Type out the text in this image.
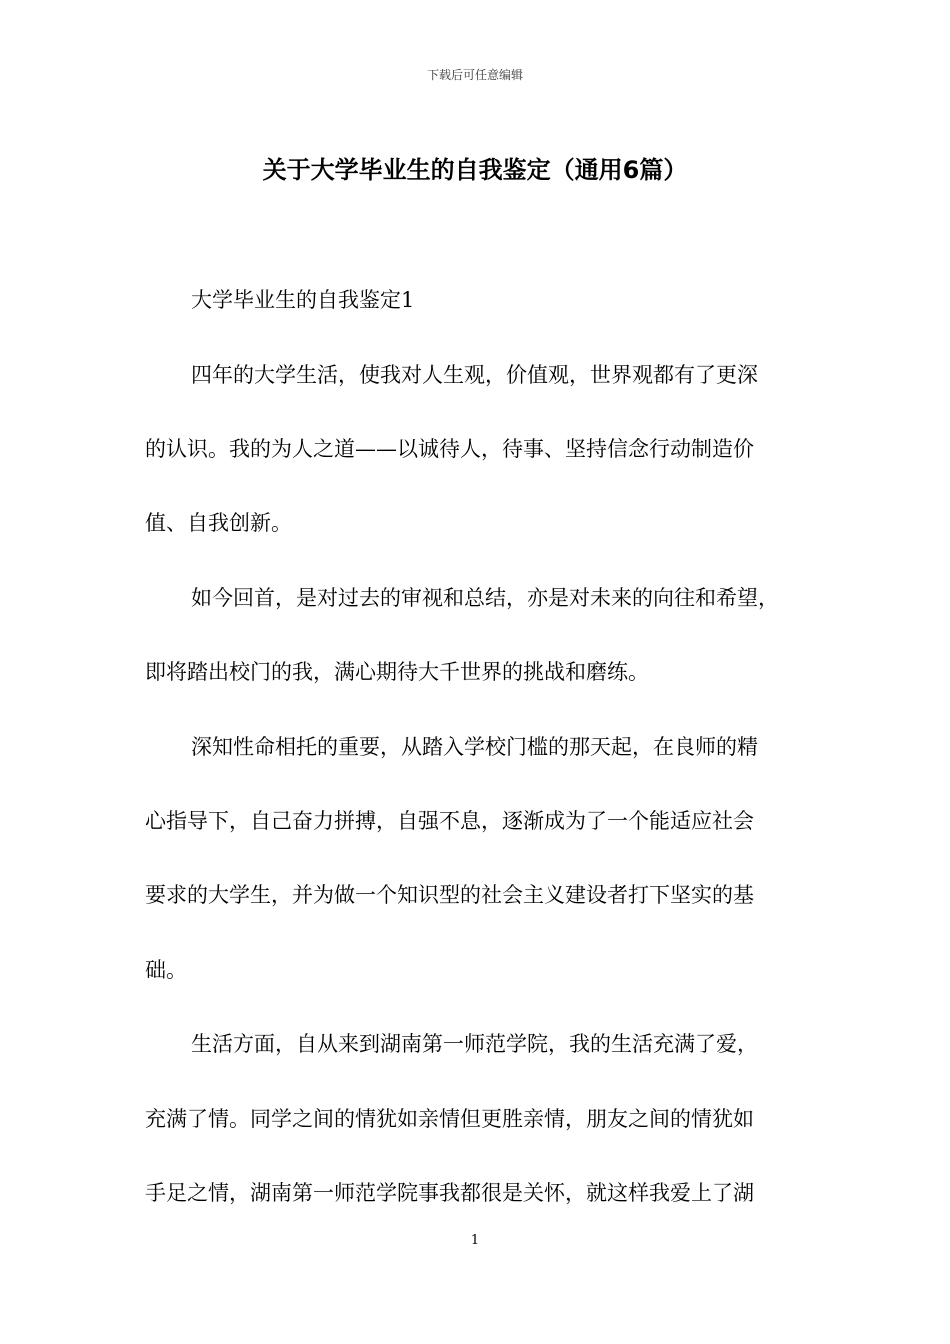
下载后可任意编辑
关于大学毕业生的自我鉴定（通用6篇）
大学毕业生的自我鉴定1
四年的大学生活，使我对人生观，价值观，世界观都有了更深
的认识。我的为人之道——以诚待人，待事、坚持信念行动制造价
值、自我创新。
如今回首，是对过去的审视和总结，亦是对未来的向往和希望，
即将踏出校门的我，满心期待大千世界的挑战和磨练。
深知性命相托的重要，从踏入学校门槛的那天起，在良师的精
心指导下，自己奋力拼搏，自强不息，逐渐成为了一个能适应社会
要求的大学生，并为做一个知识型的社会主义建设者打下坚实的基
础。
生活方面，自从来到湖南第一师范学院，我的生活充满了爱，
充满了情。同学之间的情犹如亲情但更胜亲情，朋友之间的情犹如
手足之情，湖南第一师范学院事我都很是关怀，就这样我爱上了湖
1
